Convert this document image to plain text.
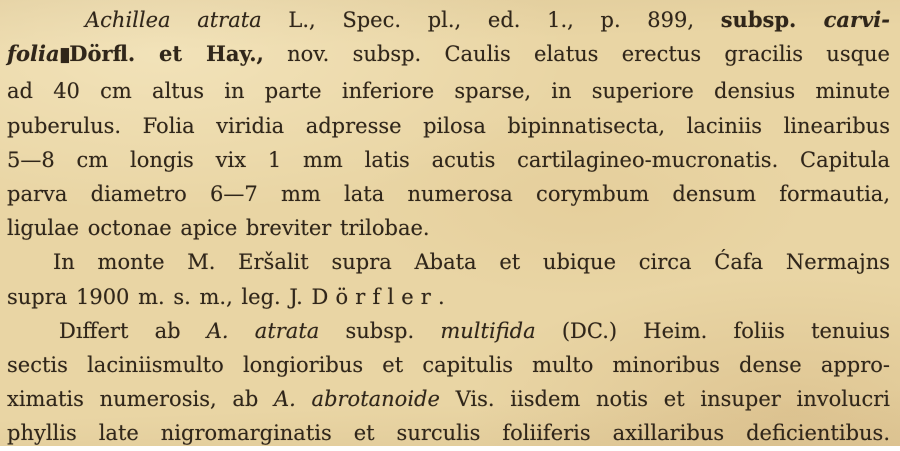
Achillea atrata L., Spec. pl., ed. 1., p. 899, subsp. carvi-
folia█Dörfl. et Hay., nov. subsp. Caulis elatus erectus gracilis usque
ad 40 cm altus in parte inferiore sparse, in superiore densius minute
puberulus. Folia viridia adpresse pilosa bipinnatisecta, laciniis linearibus
5—8 cm longis vix 1 mm latis acutis cartilagineo-mucronatis. Capitula
parva diametro 6—7 mm lata numerosa corymbum densum formautia,
ligulae octonae apice breviter trilobae.
In monte M. Eršalit supra Abata et ubique circa Ćafa Nermajns
supra 1900 m. s. m., leg. J. Dörfler.
Dıffert ab A. atrata subsp. multifida (DC.) Heim. foliis tenuius
sectis laciniismulto longioribus et capitulis multo minoribus dense appro-
ximatis numerosis, ab A. abrotanoide Vis. iisdem notis et insuper involucri
phyllis late nigromarginatis et surculis foliiferis axillaribus deficientibus.
